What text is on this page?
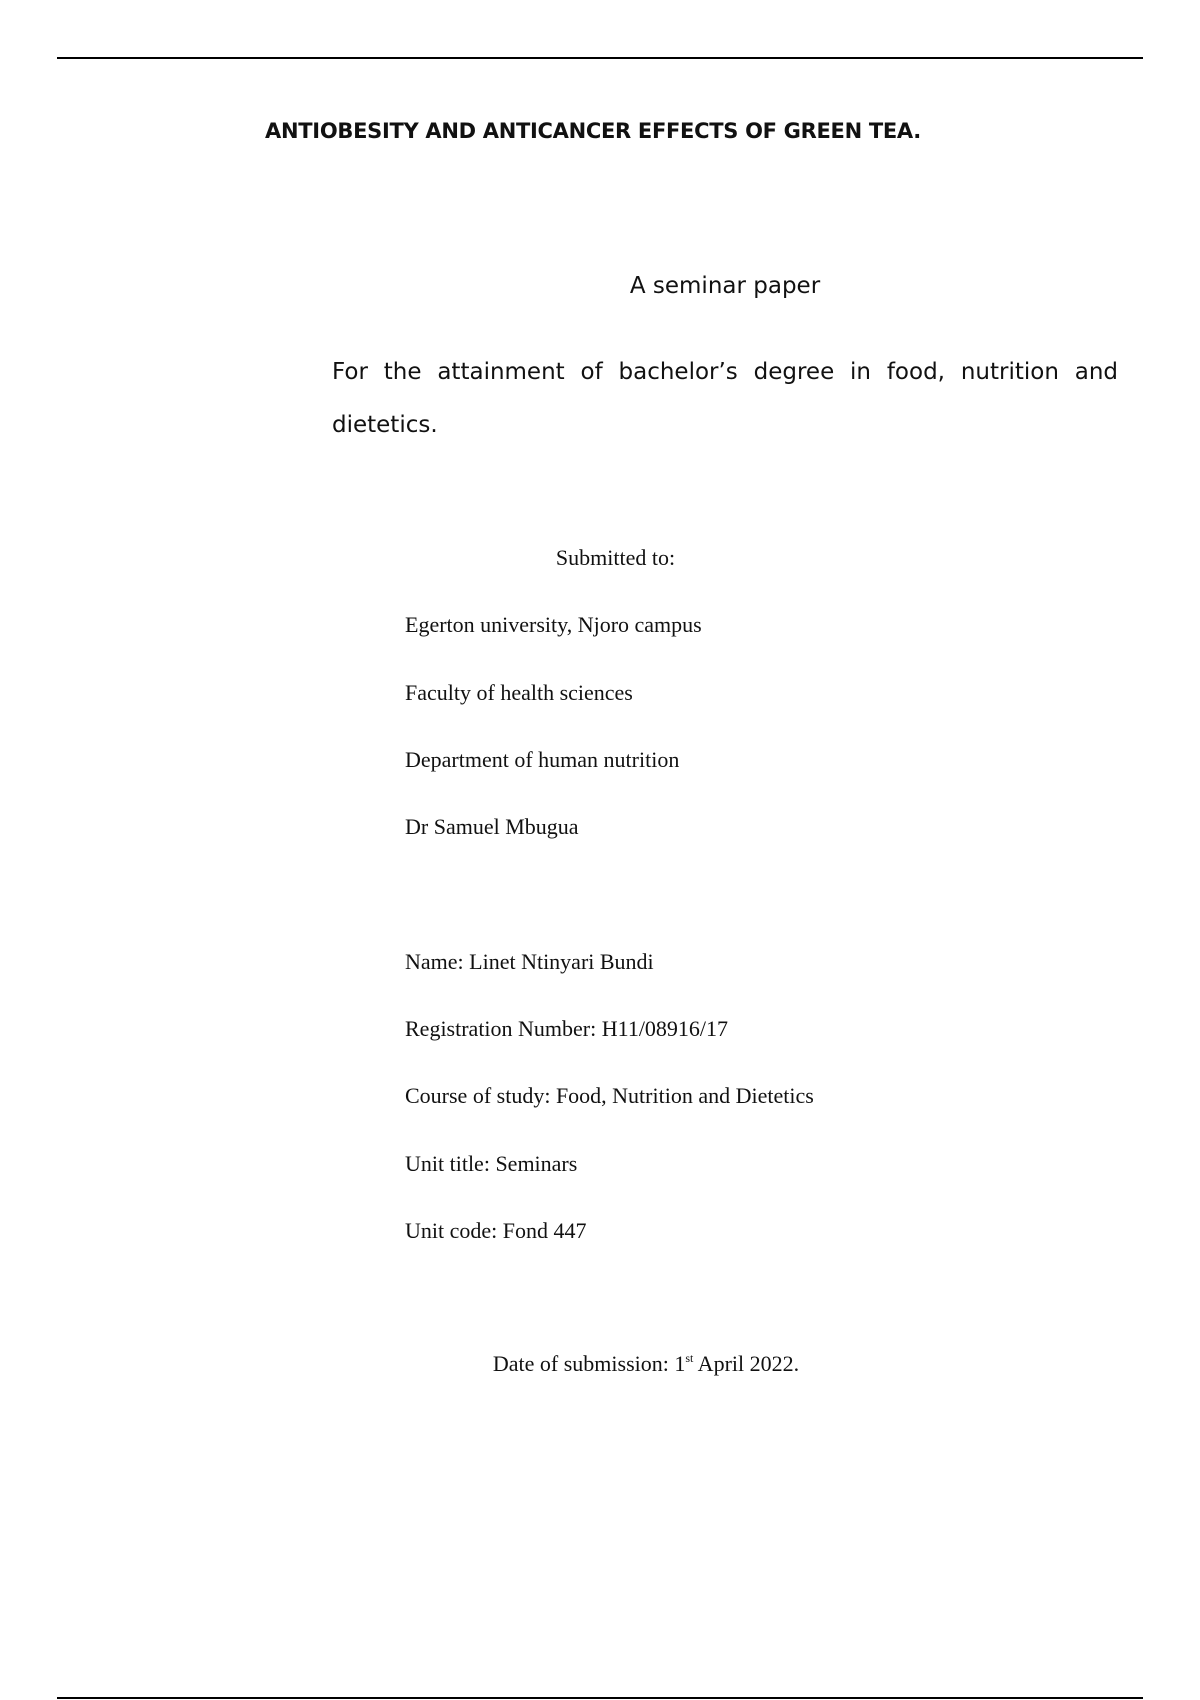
ANTIOBESITY AND ANTICANCER EFFECTS OF GREEN TEA.

A seminar paper

For the attainment of bachelor’s degree in food, nutrition and dietetics.

Submitted to:

Egerton university, Njoro campus

Faculty of health sciences

Department of human nutrition

Dr Samuel Mbugua

Name: Linet Ntinyari Bundi

Registration Number: H11/08916/17

Course of study: Food, Nutrition and Dietetics

Unit title: Seminars

Unit code: Fond 447

Date of submission: 1st April 2022.
